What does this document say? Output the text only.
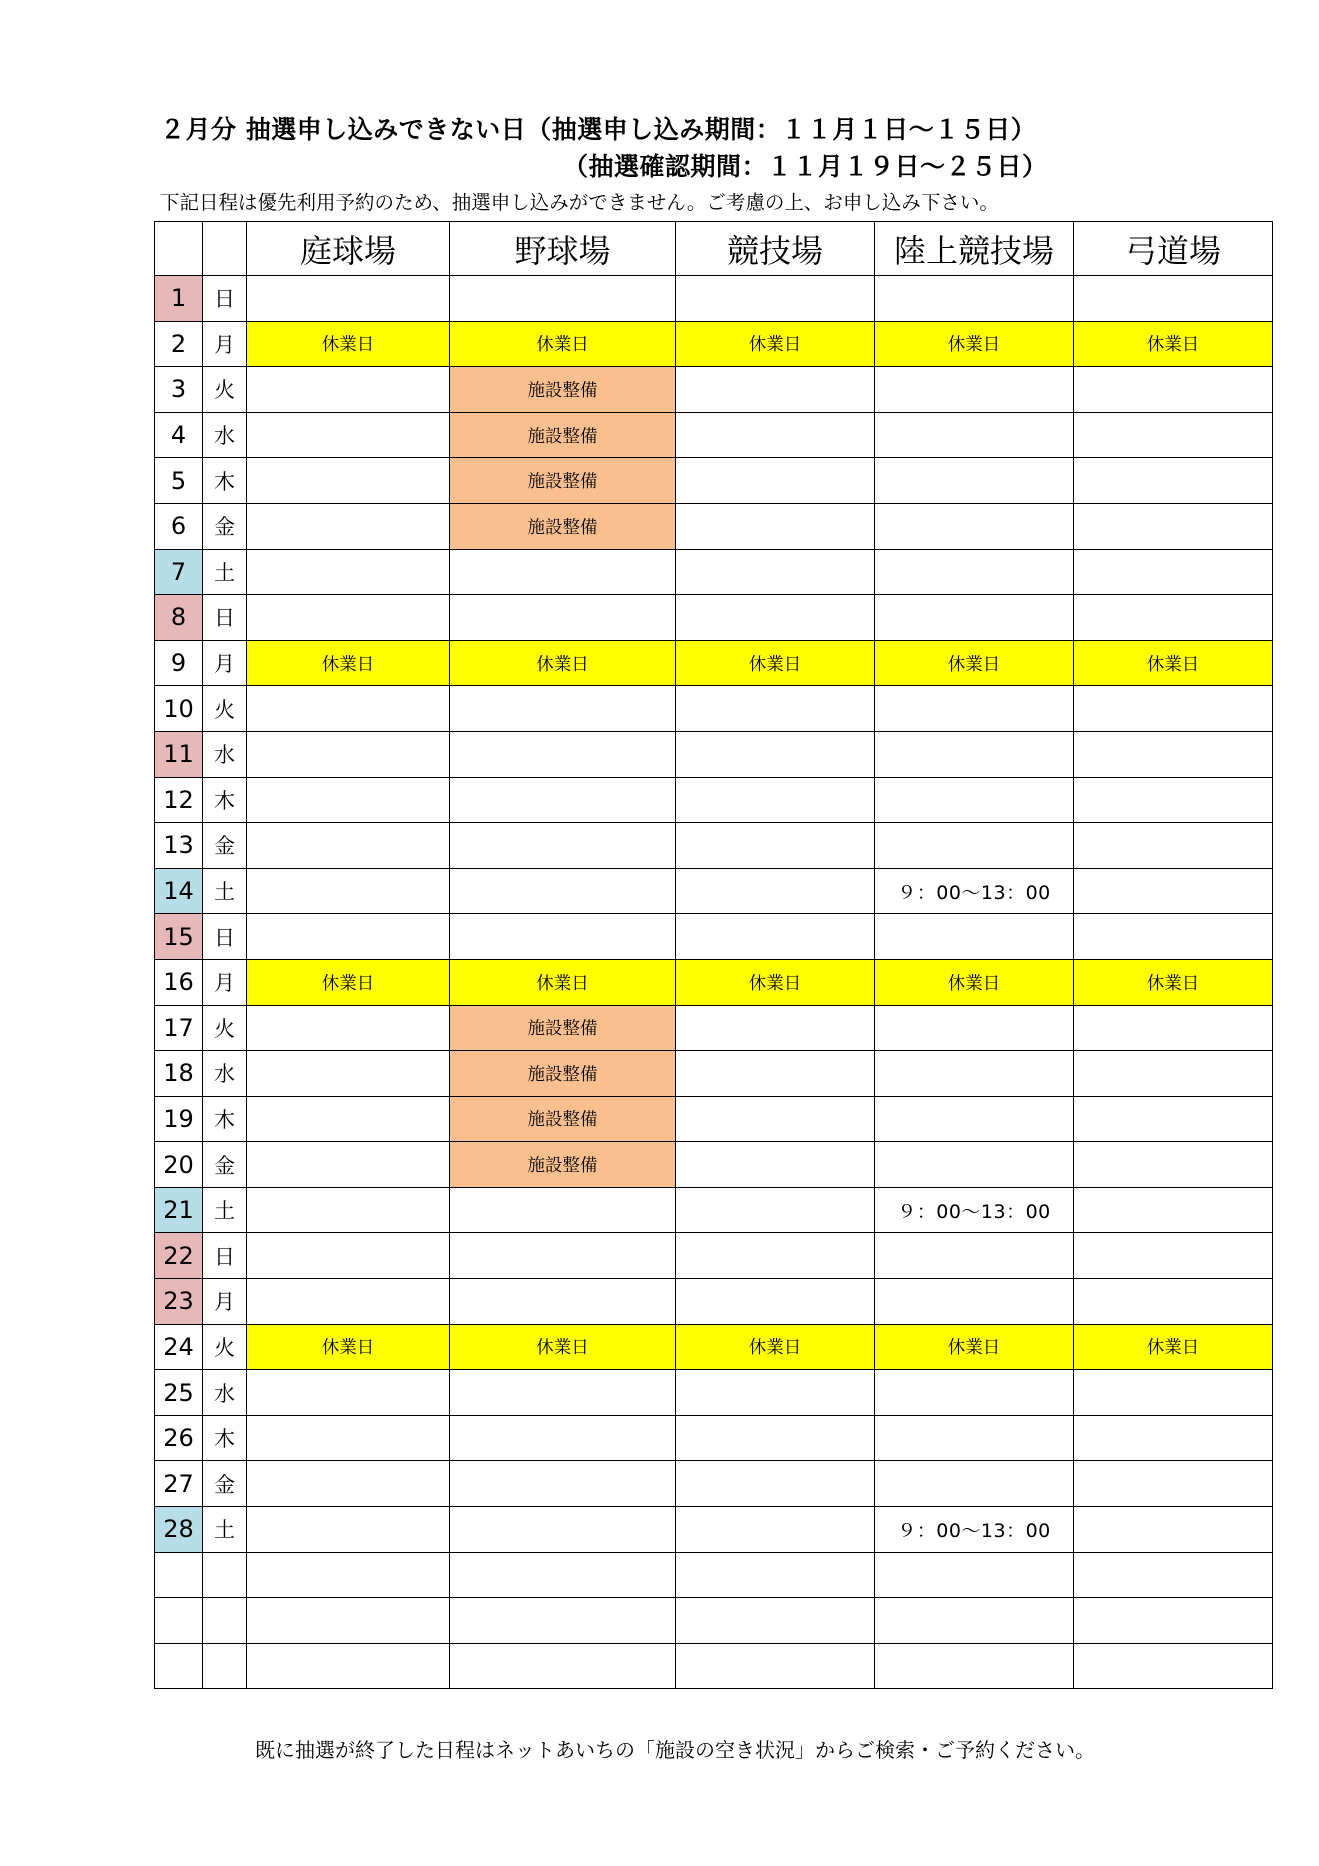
２月分 抽選申し込みできない日（抽選申し込み期間：１１月１日～１５日）
（抽選確認期間：１１月１９日～２５日）
下記日程は優先利用予約のため、抽選申し込みができません。ご考慮の上、お申し込み下さい。
		庭球場	野球場	競技場	陸上競技場	弓道場
1	日					
2	月	休業日	休業日	休業日	休業日	休業日
3	火		施設整備			
4	水		施設整備			
5	木		施設整備			
6	金		施設整備			
7	土					
8	日					
9	月	休業日	休業日	休業日	休業日	休業日
10	火					
11	水					
12	木					
13	金					
14	土				９：00～13：00	
15	日					
16	月	休業日	休業日	休業日	休業日	休業日
17	火		施設整備			
18	水		施設整備			
19	木		施設整備			
20	金		施設整備			
21	土				９：00～13：00	
22	日					
23	月					
24	火	休業日	休業日	休業日	休業日	休業日
25	水					
26	木					
27	金					
28	土				９：00～13：00	

既に抽選が終了した日程はネットあいちの「施設の空き状況」からご検索・ご予約ください。
